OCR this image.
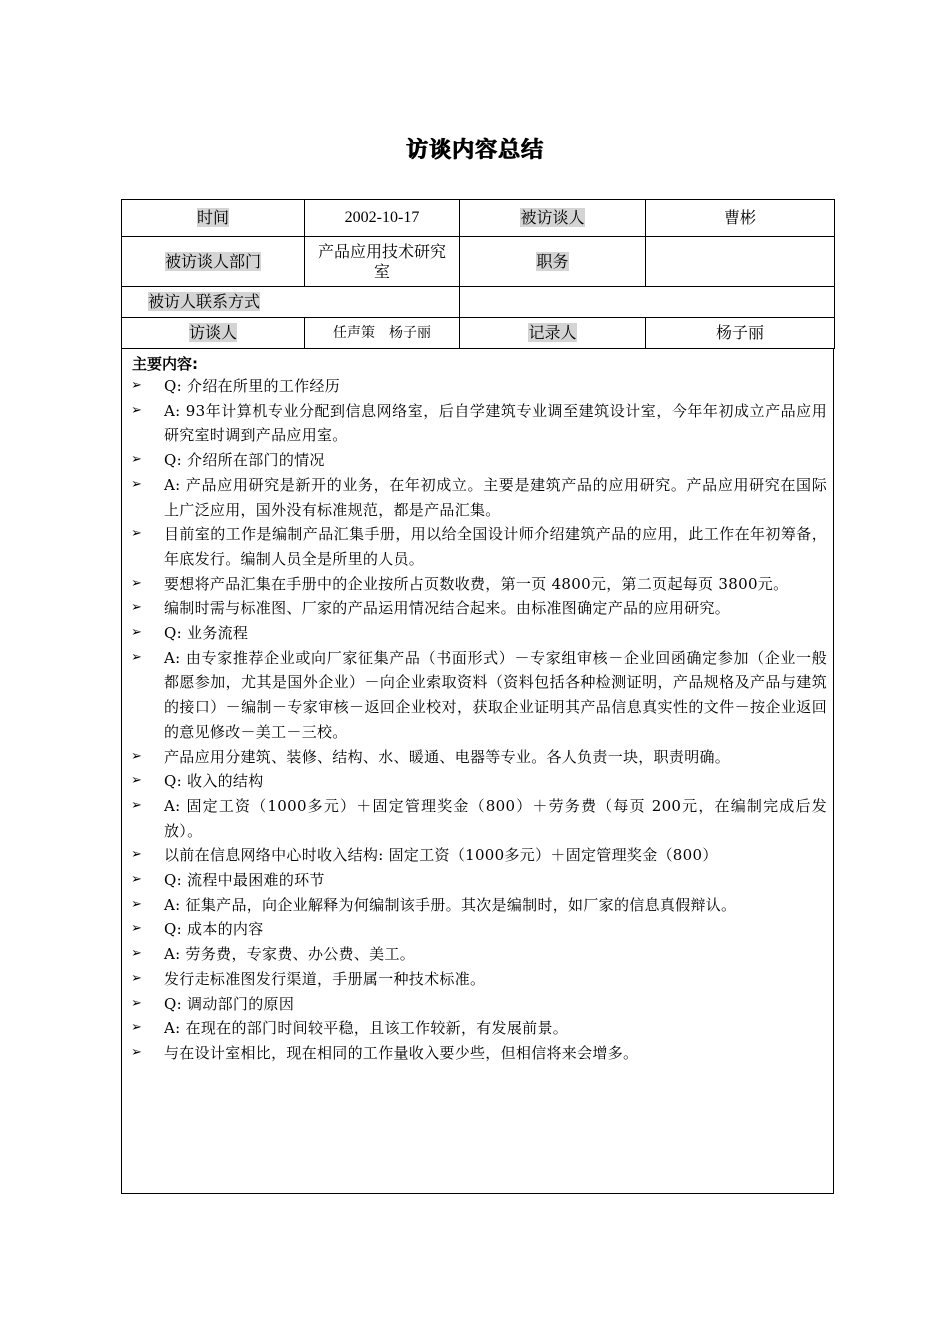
访谈内容总结
时间	2002-10-17	被访谈人	曹彬
被访谈人部门	产品应用技术研究室	职务	
被访人联系方式			
访谈人	任声策　杨子丽	记录人	杨子丽
主要内容:
➢ Q: 介绍在所里的工作经历
➢ A: 93年计算机专业分配到信息网络室，后自学建筑专业调至建筑设计室，今年年初成立产品应用研究室时调到产品应用室。
➢ Q: 介绍所在部门的情况
➢ A: 产品应用研究是新开的业务，在年初成立。主要是建筑产品的应用研究。产品应用研究在国际上广泛应用，国外没有标准规范，都是产品汇集。
➢ 目前室的工作是编制产品汇集手册，用以给全国设计师介绍建筑产品的应用，此工作在年初筹备，年底发行。编制人员全是所里的人员。
➢ 要想将产品汇集在手册中的企业按所占页数收费，第一页 4800元，第二页起每页 3800元。
➢ 编制时需与标准图、厂家的产品运用情况结合起来。由标准图确定产品的应用研究。
➢ Q: 业务流程
➢ A: 由专家推荐企业或向厂家征集产品（书面形式）－专家组审核－企业回函确定参加（企业一般都愿参加，尤其是国外企业）－向企业索取资料（资料包括各种检测证明，产品规格及产品与建筑的接口）－编制－专家审核－返回企业校对，获取企业证明其产品信息真实性的文件－按企业返回的意见修改－美工－三校。
➢ 产品应用分建筑、装修、结构、水、暖通、电器等专业。各人负责一块，职责明确。
➢ Q: 收入的结构
➢ A: 固定工资（1000多元）＋固定管理奖金（800）＋劳务费（每页 200元，在编制完成后发放）。
➢ 以前在信息网络中心时收入结构: 固定工资（1000多元）＋固定管理奖金（800）
➢ Q: 流程中最困难的环节
➢ A: 征集产品，向企业解释为何编制该手册。其次是编制时，如厂家的信息真假辩认。
➢ Q: 成本的内容
➢ A: 劳务费，专家费、办公费、美工。
➢ 发行走标准图发行渠道，手册属一种技术标准。
➢ Q: 调动部门的原因
➢ A: 在现在的部门时间较平稳，且该工作较新，有发展前景。
➢ 与在设计室相比，现在相同的工作量收入要少些，但相信将来会增多。
